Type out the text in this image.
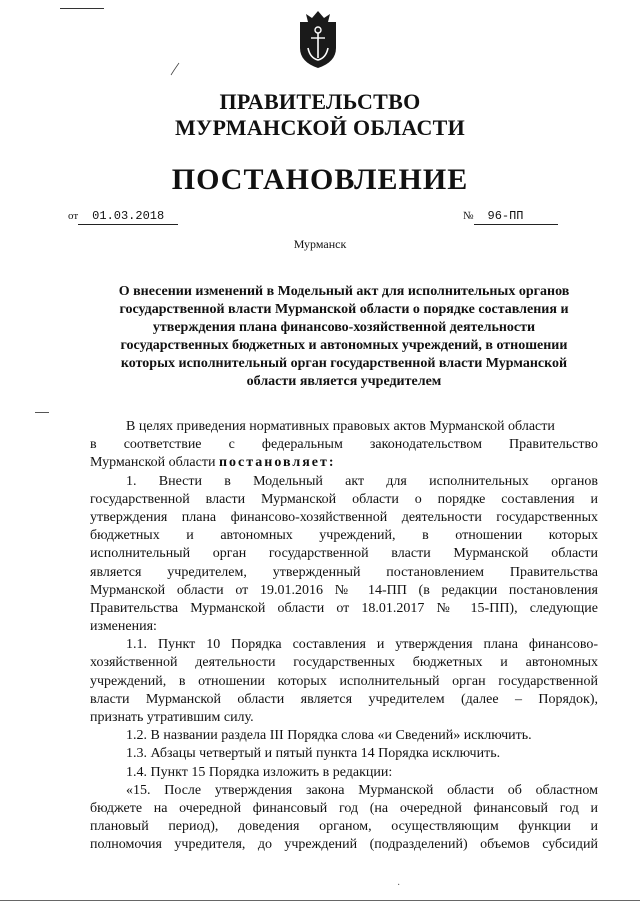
ПРАВИТЕЛЬСТВО
МУРМАНСКОЙ ОБЛАСТИ
ПОСТАНОВЛЕНИЕ
от 01.03.2018	№ 96-ПП
Мурманск
О внесении изменений в Модельный акт для исполнительных органов
государственной власти Мурманской области о порядке составления и
утверждения плана финансово-хозяйственной деятельности
государственных бюджетных и автономных учреждений, в отношении
которых исполнительный орган государственной власти Мурманской
области является учредителем
В целях приведения нормативных правовых актов Мурманской области
в соответствие с федеральным законодательством Правительство
Мурманской области постановляет:
1. Внести в Модельный акт для исполнительных органов
государственной власти Мурманской области о порядке составления и
утверждения плана финансово-хозяйственной деятельности государственных
бюджетных и автономных учреждений, в отношении которых
исполнительный орган государственной власти Мурманской области
является учредителем, утвержденный постановлением Правительства
Мурманской области от 19.01.2016 № 14-ПП (в редакции постановления
Правительства Мурманской области от 18.01.2017 № 15-ПП), следующие
изменения:
1.1. Пункт 10 Порядка составления и утверждения плана финансово-
хозяйственной деятельности государственных бюджетных и автономных
учреждений, в отношении которых исполнительный орган государственной
власти Мурманской области является учредителем (далее – Порядок),
признать утратившим силу.
1.2. В названии раздела III Порядка слова «и Сведений» исключить.
1.3. Абзацы четвертый и пятый пункта 14 Порядка исключить.
1.4. Пункт 15 Порядка изложить в редакции:
«15. После утверждения закона Мурманской области об областном
бюджете на очередной финансовый год (на очередной финансовый год и
плановый период), доведения органом, осуществляющим функции и
полномочия учредителя, до учреждений (подразделений) объемов субсидий
·
